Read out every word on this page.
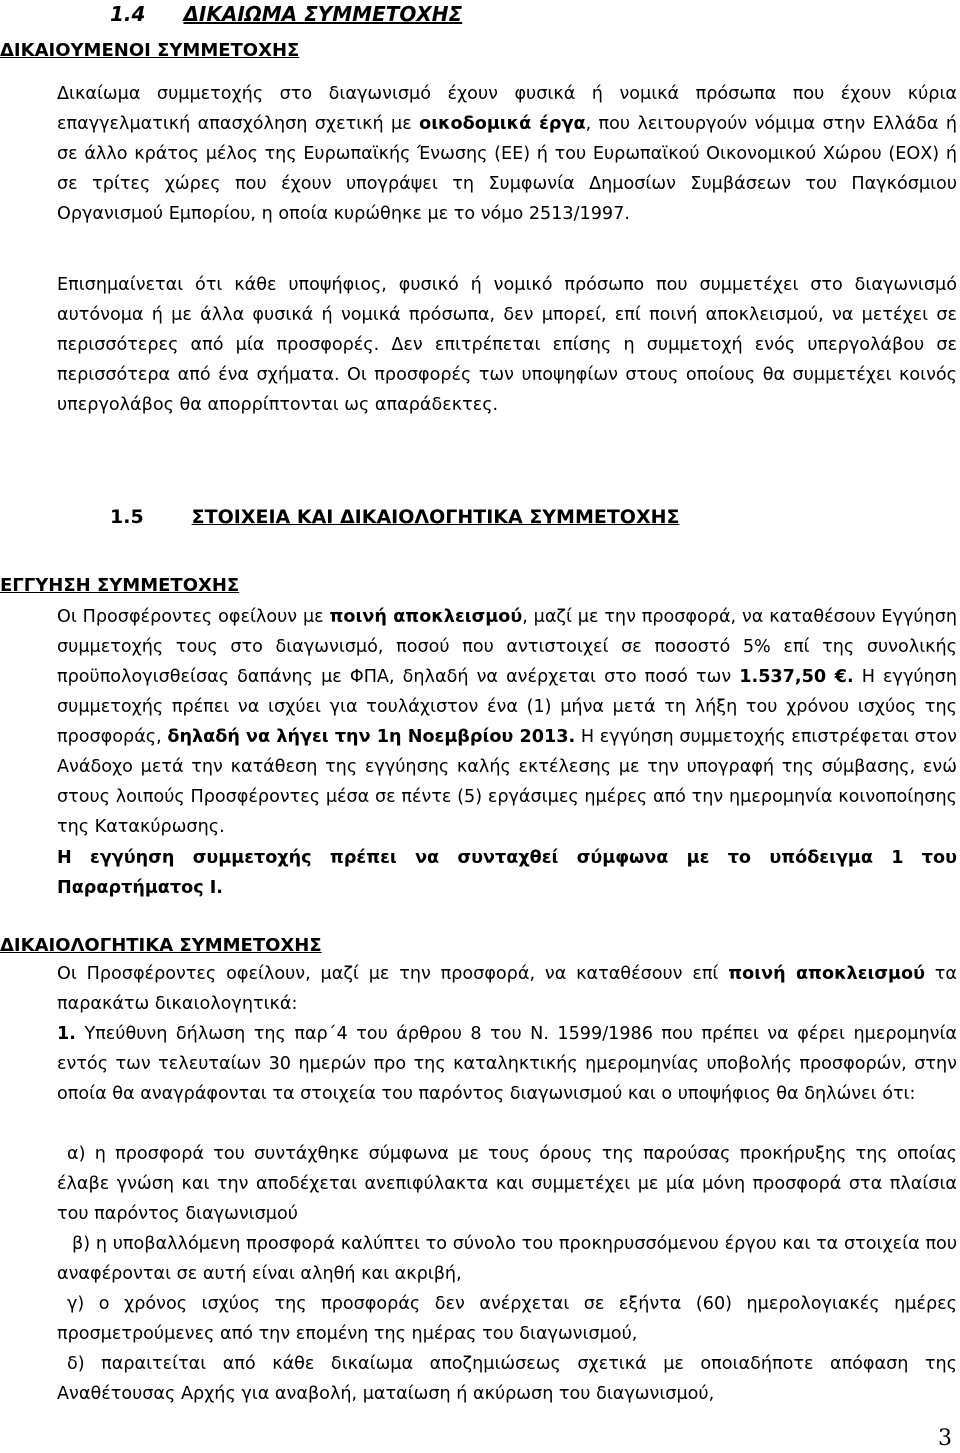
1.4 ΔΙΚΑΙΩΜΑ ΣΥΜΜΕΤΟΧΗΣ
ΔΙΚΑΙΟΥΜΕΝΟΙ ΣΥΜΜΕΤΟΧΗΣ
Δικαίωμα συμμετοχής στο διαγωνισμό έχουν φυσικά ή νομικά πρόσωπα που έχουν κύρια επαγγελματική απασχόληση σχετική με οικοδομικά έργα, που λειτουργούν νόμιμα στην Ελλάδα ή σε άλλο κράτος μέλος της Ευρωπαϊκής Ένωσης (ΕΕ) ή του Ευρωπαϊκού Οικονομικού Χώρου (ΕΟΧ) ή σε τρίτες χώρες που έχουν υπογράψει τη Συμφωνία Δημοσίων Συμβάσεων του Παγκόσμιου Οργανισμού Εμπορίου, η οποία κυρώθηκε με το νόμο 2513/1997.
Επισημαίνεται ότι κάθε υποψήφιος, φυσικό ή νομικό πρόσωπο που συμμετέχει στο διαγωνισμό αυτόνομα ή με άλλα φυσικά ή νομικά πρόσωπα, δεν μπορεί, επί ποινή αποκλεισμού, να μετέχει σε περισσότερες από μία προσφορές. Δεν επιτρέπεται επίσης η συμμετοχή ενός υπεργολάβου σε περισσότερα από ένα σχήματα. Οι προσφορές των υποψηφίων στους οποίους θα συμμετέχει κοινός υπεργολάβος θα απορρίπτονται ως απαράδεκτες.
1.5	ΣΤΟΙΧΕΙΑ ΚΑΙ ΔΙΚΑΙΟΛΟΓΗΤΙΚΑ ΣΥΜΜΕΤΟΧΗΣ
ΕΓΓΥΗΣΗ ΣΥΜΜΕΤΟΧΗΣ
Οι Προσφέροντες οφείλουν με ποινή αποκλεισμού, μαζί με την προσφορά, να καταθέσουν Εγγύηση συμμετοχής τους στο διαγωνισμό, ποσού που αντιστοιχεί σε ποσοστό 5% επί της συνολικής προϋπολογισθείσας δαπάνης με ΦΠΑ, δηλαδή να ανέρχεται στο ποσό των 1.537,50 €. Η εγγύηση συμμετοχής πρέπει να ισχύει για τουλάχιστον ένα (1) μήνα μετά τη λήξη του χρόνου ισχύος της προσφοράς, δηλαδή να λήγει την 1η Νοεμβρίου 2013. Η εγγύηση συμμετοχής επιστρέφεται στον Ανάδοχο μετά την κατάθεση της εγγύησης καλής εκτέλεσης με την υπογραφή της σύμβασης, ενώ στους λοιπούς Προσφέροντες μέσα σε πέντε (5) εργάσιμες ημέρες από την ημερομηνία κοινοποίησης της Κατακύρωσης.
Η εγγύηση συμμετοχής πρέπει να συνταχθεί σύμφωνα με το υπόδειγμα 1 του Παραρτήματος Ι.
ΔΙΚΑΙΟΛΟΓΗΤΙΚΑ ΣΥΜΜΕΤΟΧΗΣ
Οι Προσφέροντες οφείλουν, μαζί με την προσφορά, να καταθέσουν επί ποινή αποκλεισμού τα παρακάτω δικαιολογητικά:
1. Υπεύθυνη δήλωση της παρ΄4 του άρθρου 8 του Ν. 1599/1986 που πρέπει να φέρει ημερομηνία εντός των τελευταίων 30 ημερών προ της καταληκτικής ημερομηνίας υποβολής προσφορών, στην οποία θα αναγράφονται τα στοιχεία του παρόντος διαγωνισμού και ο υποψήφιος θα δηλώνει ότι:
α) η προσφορά του συντάχθηκε σύμφωνα με τους όρους της παρούσας προκήρυξης της οποίας έλαβε γνώση και την αποδέχεται ανεπιφύλακτα και συμμετέχει με μία μόνη προσφορά στα πλαίσια του παρόντος διαγωνισμού
β) η υποβαλλόμενη προσφορά καλύπτει το σύνολο του προκηρυσσόμενου έργου και τα στοιχεία που αναφέρονται σε αυτή είναι αληθή και ακριβή,
γ) ο χρόνος ισχύος της προσφοράς δεν ανέρχεται σε εξήντα (60) ημερολογιακές ημέρες προσμετρούμενες από την επομένη της ημέρας του διαγωνισμού,
δ) παραιτείται από κάθε δικαίωμα αποζημιώσεως σχετικά με οποιαδήποτε απόφαση της Αναθέτουσας Αρχής για αναβολή, ματαίωση ή ακύρωση του διαγωνισμού,
3
